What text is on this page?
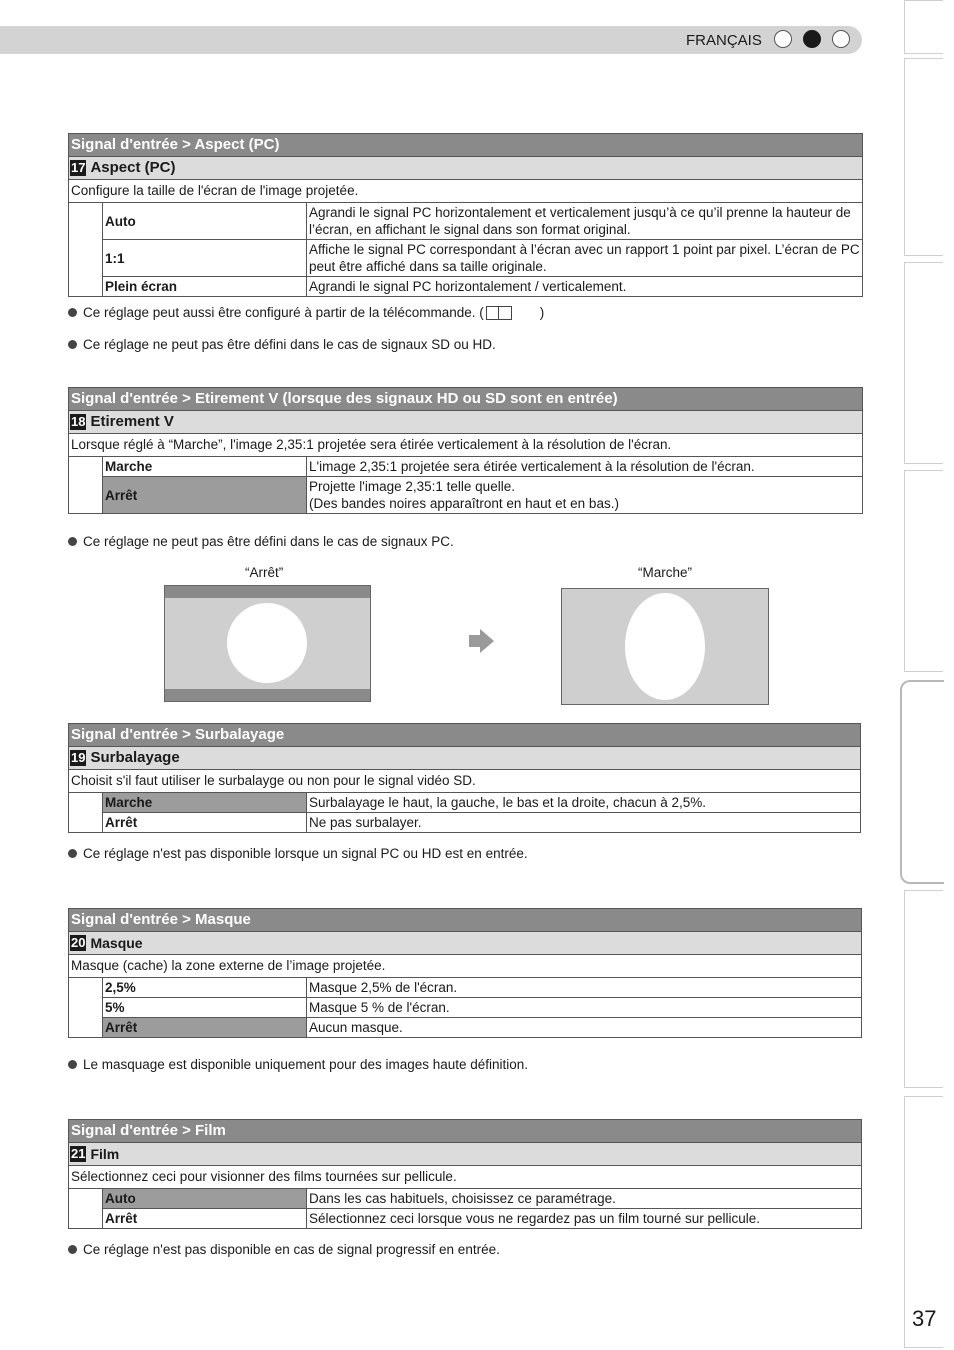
FRANÇAIS
Signal d'entrée > Aspect (PC)
17 Aspect (PC)
Configure la taille de l'écran de l'image projetée.
	Auto	Agrandi le signal PC horizontalement et verticalement jusqu’à ce qu’il prenne la hauteur de l’écran, en affichant le signal dans son format original.
	1:1	Affiche le signal PC correspondant à l’écran avec un rapport 1 point par pixel. L’écran de PC peut être affiché dans sa taille originale.
	Plein écran	Agrandi le signal PC horizontalement / verticalement.
Ce réglage peut aussi être configuré à partir de la télécommande. (	)
Ce réglage ne peut pas être défini dans le cas de signaux SD ou HD.
Signal d'entrée > Etirement V (lorsque des signaux HD ou SD sont en entrée)
18 Etirement V
Lorsque réglé à “Marche”, l'image 2,35:1 projetée sera étirée verticalement à la résolution de l'écran.
	Marche	L'image 2,35:1 projetée sera étirée verticalement à la résolution de l'écran.
	Arrêt	Projette l'image 2,35:1 telle quelle.
(Des bandes noires apparaîtront en haut et en bas.)
Ce réglage ne peut pas être défini dans le cas de signaux PC.
“Arrêt”	“Marche”
Signal d'entrée > Surbalayage
19 Surbalayage
Choisit s'il faut utiliser le surbalayge ou non pour le signal vidéo SD.
	Marche	Surbalayage le haut, la gauche, le bas et la droite, chacun à 2,5%.
	Arrêt	Ne pas surbalayer.
Ce réglage n'est pas disponible lorsque un signal PC ou HD est en entrée.
Signal d'entrée > Masque
20 Masque
Masque (cache) la zone externe de l’image projetée.
	2,5%	Masque 2,5% de l'écran.
	5%	Masque 5 % de l'écran.
	Arrêt	Aucun masque.
Le masquage est disponible uniquement pour des images haute définition.
Signal d'entrée > Film
21 Film
Sélectionnez ceci pour visionner des films tournées sur pellicule.
	Auto	Dans les cas habituels, choisissez ce paramétrage.
	Arrêt	Sélectionnez ceci lorsque vous ne regardez pas un film tourné sur pellicule.
Ce réglage n'est pas disponible en cas de signal progressif en entrée.
37
